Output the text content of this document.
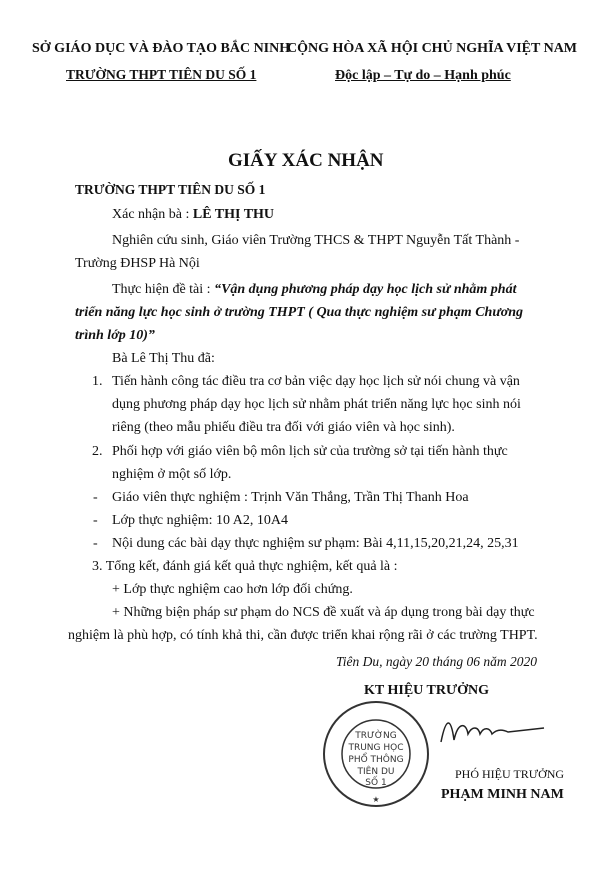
SỞ GIÁO DỤC VÀ ĐÀO TẠO BẮC NINH
TRƯỜNG THPT TIÊN DU SỐ 1
CỘNG HÒA XÃ HỘI CHỦ NGHĨA VIỆT NAM
Độc lập – Tự do – Hạnh phúc
GIẤY XÁC NHẬN
TRƯỜNG THPT TIÊN DU SỐ 1
Xác nhận bà : LÊ THỊ THU
Nghiên cứu sinh, Giáo viên Trường THCS & THPT Nguyễn Tất Thành -
Trường ĐHSP Hà Nội
Thực hiện đề tài : “Vận dụng phương pháp dạy học lịch sử nhằm phát
triển năng lực học sinh ở trường THPT ( Qua thực nghiệm sư phạm Chương
trình lớp 10)”
Bà Lê Thị Thu đã:
1. Tiến hành công tác điều tra cơ bản việc dạy học lịch sử nói chung và vận
dụng phương pháp dạy học lịch sử nhằm phát triển năng lực học sinh nói
riêng (theo mẫu phiếu điều tra đối với giáo viên và học sinh).
2. Phối hợp với giáo viên bộ môn lịch sử của trường sở tại tiến hành thực
nghiệm ở một số lớp.
- Giáo viên thực nghiệm : Trịnh Văn Thắng, Trần Thị Thanh Hoa
- Lớp thực nghiệm: 10 A2, 10A4
- Nội dung các bài dạy thực nghiệm sư phạm: Bài 4,11,15,20,21,24, 25,31
3. Tổng kết, đánh giá kết quả thực nghiệm, kết quả là :
+ Lớp thực nghiệm cao hơn lớp đối chứng.
+ Những biện pháp sư phạm do NCS đề xuất và áp dụng trong bài dạy thực
nghiệm là phù hợp, có tính khả thi, cần được triển khai rộng rãi ở các trường THPT.
Tiên Du, ngày 20 tháng 06 năm 2020
KT HIỆU TRƯỞNG
TRƯỜNG
TRUNG HỌC
PHỔ THÔNG
TIÊN DU
SỐ 1
★
PHÓ HIỆU TRƯỞNG
PHẠM MINH NAM
